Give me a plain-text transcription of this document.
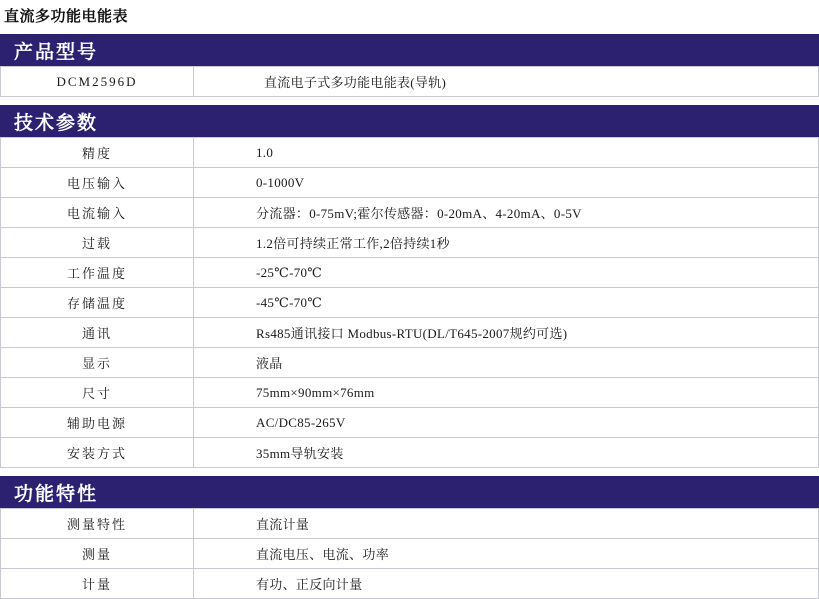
直流多功能电能表
产品型号
DCM2596D	直流电子式多功能电能表(导轨)
技术参数
精度	1.0
电压输入	0-1000V
电流输入	分流器：0-75mV;霍尔传感器：0-20mA、4-20mA、0-5V
过载	1.2倍可持续正常工作,2倍持续1秒
工作温度	-25℃-70℃
存储温度	-45℃-70℃
通讯	Rs485通讯接口 Modbus-RTU(DL/T645-2007规约可选)
显示	液晶
尺寸	75mm×90mm×76mm
辅助电源	AC/DC85-265V
安装方式	35mm导轨安装
功能特性
测量特性	直流计量
测量	直流电压、电流、功率
计量	有功、正反向计量
